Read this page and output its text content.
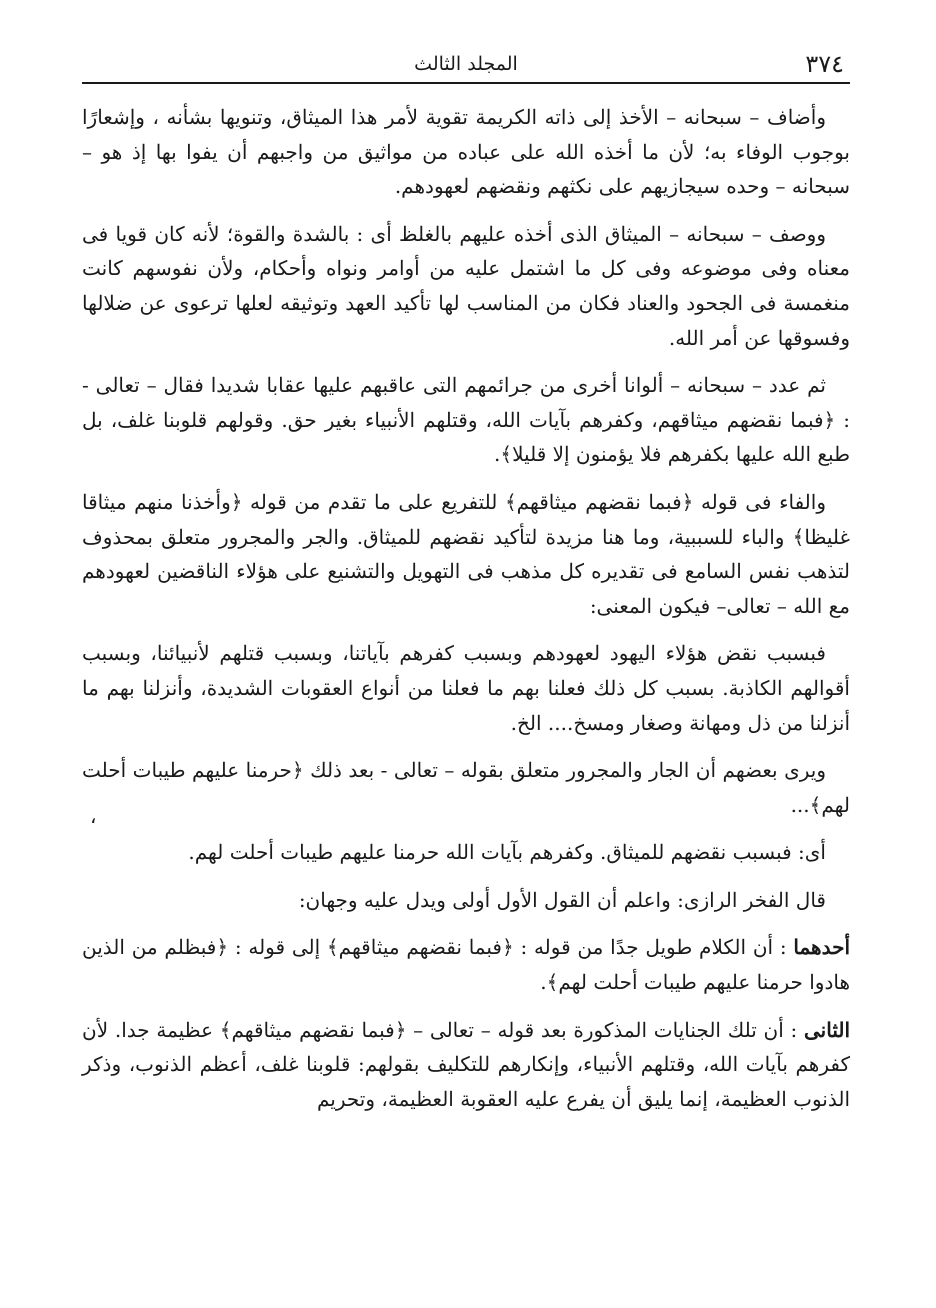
٣٧٤
المجلد الثالث

وأضاف – سبحانه – الأخذ إلى ذاته الكريمة تقوية لأمر هذا الميثاق، وتنويها بشأنه ، وإشعارًا بوجوب الوفاء به؛ لأن ما أخذه الله على عباده من مواثيق من واجبهم أن يفوا بها إذ هو – سبحانه – وحده سيجازيهم على نكثهم ونقضهم لعهودهم.

ووصف – سبحانه – الميثاق الذى أخذه عليهم بالغلظ أى : بالشدة والقوة؛ لأنه كان قويا فى معناه وفى موضوعه وفى كل ما اشتمل عليه من أوامر ونواه وأحكام، ولأن نفوسهم كانت منغمسة فى الجحود والعناد فكان من المناسب لها تأكيد العهد وتوثيقه لعلها ترعوى عن ضلالها وفسوقها عن أمر الله.

ثم عدد – سبحانه – ألوانا أخرى من جرائمهم التى عاقبهم عليها عقابا شديدا فقال – تعالى - : ﴿فبما نقضهم ميثاقهم، وكفرهم بآيات الله، وقتلهم الأنبياء بغير حق. وقولهم قلوبنا غلف، بل طبع الله عليها بكفرهم فلا يؤمنون إلا قليلا﴾.

والفاء فى قوله ﴿فبما نقضهم ميثاقهم﴾ للتفريع على ما تقدم من قوله ﴿وأخذنا منهم ميثاقا غليظا﴾ والباء للسببية، وما هنا مزيدة لتأكيد نقضهم للميثاق. والجر والمجرور متعلق بمحذوف لتذهب نفس السامع فى تقديره كل مذهب فى التهويل والتشنيع على هؤلاء الناقضين لعهودهم مع الله – تعالى– فيكون المعنى:

فبسبب نقض هؤلاء اليهود لعهودهم وبسبب كفرهم بآياتنا، وبسبب قتلهم لأنبيائنا، وبسبب أقوالهم الكاذبة. بسبب كل ذلك فعلنا بهم ما فعلنا من أنواع العقوبات الشديدة، وأنزلنا بهم ما أنزلنا من ذل ومهانة وصغار ومسخ.... الخ.

ويرى بعضهم أن الجار والمجرور متعلق بقوله – تعالى - بعد ذلك ﴿حرمنا عليهم طيبات أحلت لهم﴾...

أى: فبسبب نقضهم للميثاق. وكفرهم بآيات الله حرمنا عليهم طيبات أحلت لهم.

قال الفخر الرازى: واعلم أن القول الأول أولى ويدل عليه وجهان:

أحدهما : أن الكلام طويل جدًا من قوله : ﴿فبما نقضهم ميثاقهم﴾ إلى قوله : ﴿فبظلم من الذين هادوا حرمنا عليهم طيبات أحلت لهم﴾.

الثانى : أن تلك الجنايات المذكورة بعد قوله – تعالى – ﴿فبما نقضهم ميثاقهم﴾ عظيمة جدا. لأن كفرهم بآيات الله، وقتلهم الأنبياء، وإنكارهم للتكليف بقولهم: قلوبنا غلف، أعظم الذنوب، وذكر الذنوب العظيمة، إنما يليق أن يفرع عليه العقوبة العظيمة، وتحريم

،
